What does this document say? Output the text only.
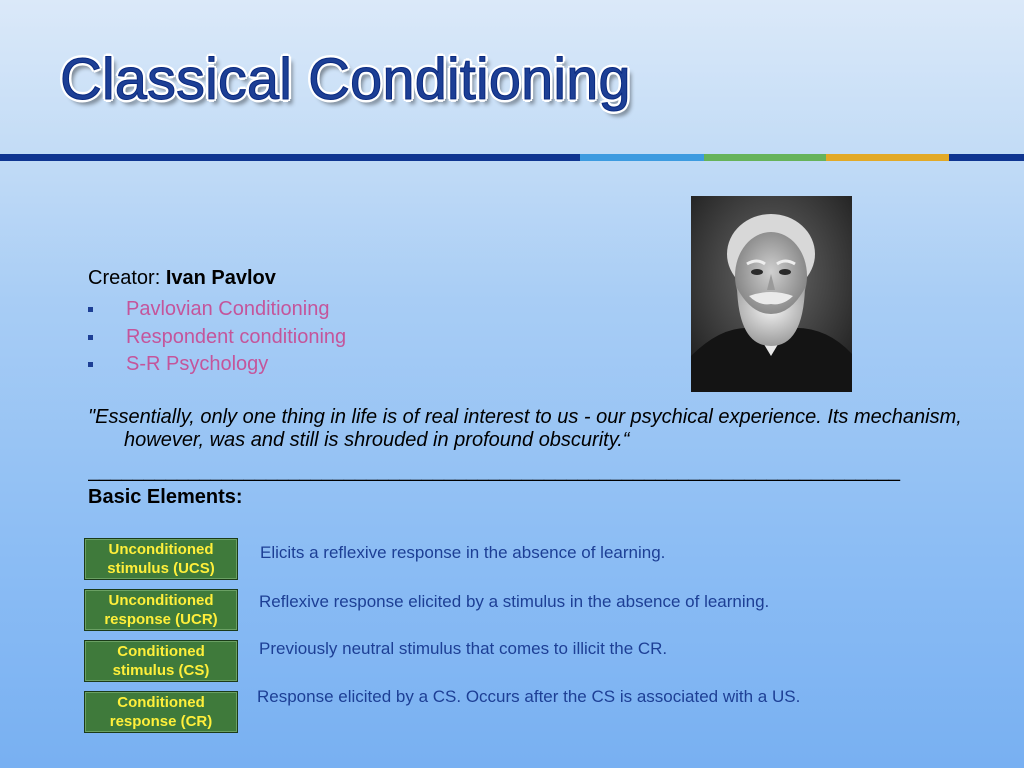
Classical Conditioning
Creator: Ivan Pavlov
Pavlovian Conditioning
Respondent conditioning
S-R Psychology
"Essentially, only one thing in life is of real interest to us - our psychical experience. Its mechanism, however, was and still is shrouded in profound obscurity.“
_________________________________________________________________________
Basic Elements:
Unconditioned stimulus (UCS)
Elicits a reflexive response in the absence of learning.
Unconditioned response (UCR)
Reflexive response elicited by a stimulus in the absence of learning.
Conditioned stimulus (CS)
Previously neutral stimulus that comes to illicit the CR.
Conditioned response (CR)
Response elicited by a CS. Occurs after the CS is associated with a US.
